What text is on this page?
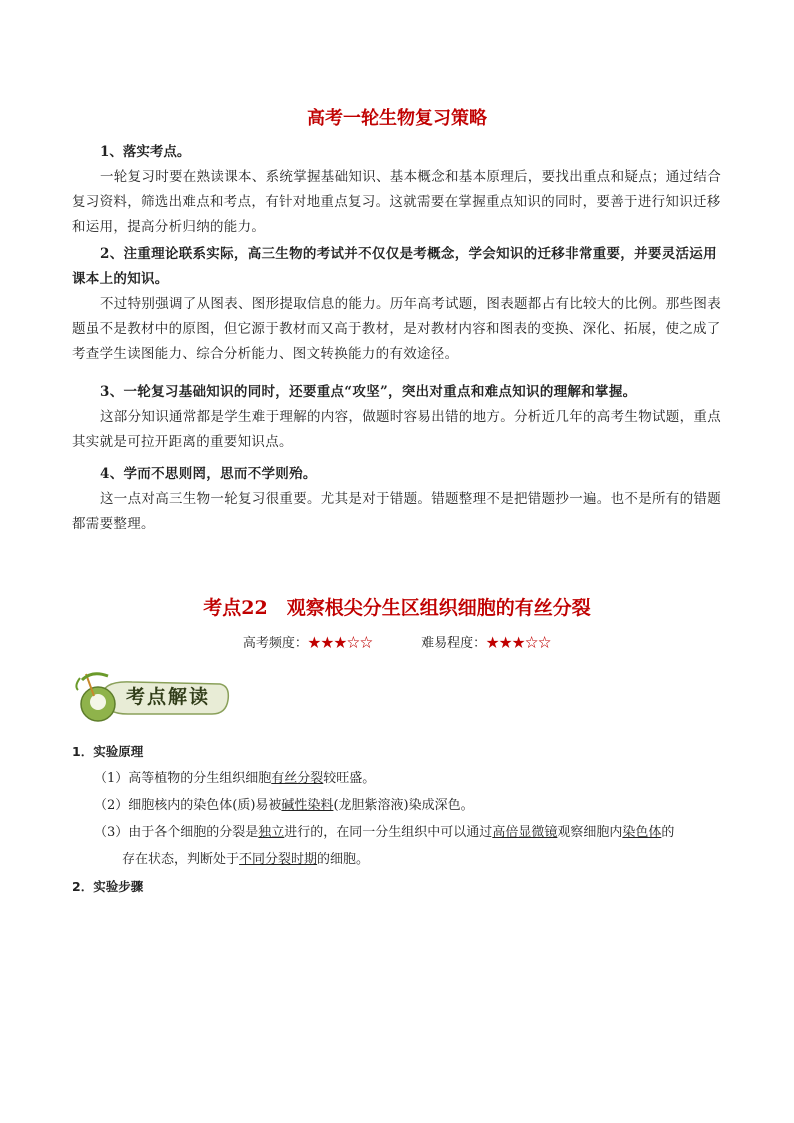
高考一轮生物复习策略
1、落实考点。
一轮复习时要在熟读课本、系统掌握基础知识、基本概念和基本原理后，要找出重点和疑点；通过结合复习资料，筛选出难点和考点，有针对地重点复习。这就需要在掌握重点知识的同时，要善于进行知识迁移和运用，提高分析归纳的能力。
2、注重理论联系实际，高三生物的考试并不仅仅是考概念，学会知识的迁移非常重要，并要灵活运用课本上的知识。
不过特别强调了从图表、图形提取信息的能力。历年高考试题，图表题都占有比较大的比例。那些图表题虽不是教材中的原图，但它源于教材而又高于教材，是对教材内容和图表的变换、深化、拓展，使之成了考查学生读图能力、综合分析能力、图文转换能力的有效途径。
3、一轮复习基础知识的同时，还要重点“攻坚”，突出对重点和难点知识的理解和掌握。
这部分知识通常都是学生难于理解的内容，做题时容易出错的地方。分析近几年的高考生物试题，重点其实就是可拉开距离的重要知识点。
4、学而不思则罔，思而不学则殆。
这一点对高三生物一轮复习很重要。尤其是对于错题。错题整理不是把错题抄一遍。也不是所有的错题都需要整理。
考点22　观察根尖分生区组织细胞的有丝分裂
高考频度：★★★☆☆	难易程度：★★★☆☆
考点解读
1．实验原理
（1）高等植物的分生组织细胞有丝分裂较旺盛。
（2）细胞核内的染色体(质)易被碱性染料(龙胆紫溶液)染成深色。
（3）由于各个细胞的分裂是独立进行的，在同一分生组织中可以通过高倍显微镜观察细胞内染色体的
存在状态，判断处于不同分裂时期的细胞。
2．实验步骤
